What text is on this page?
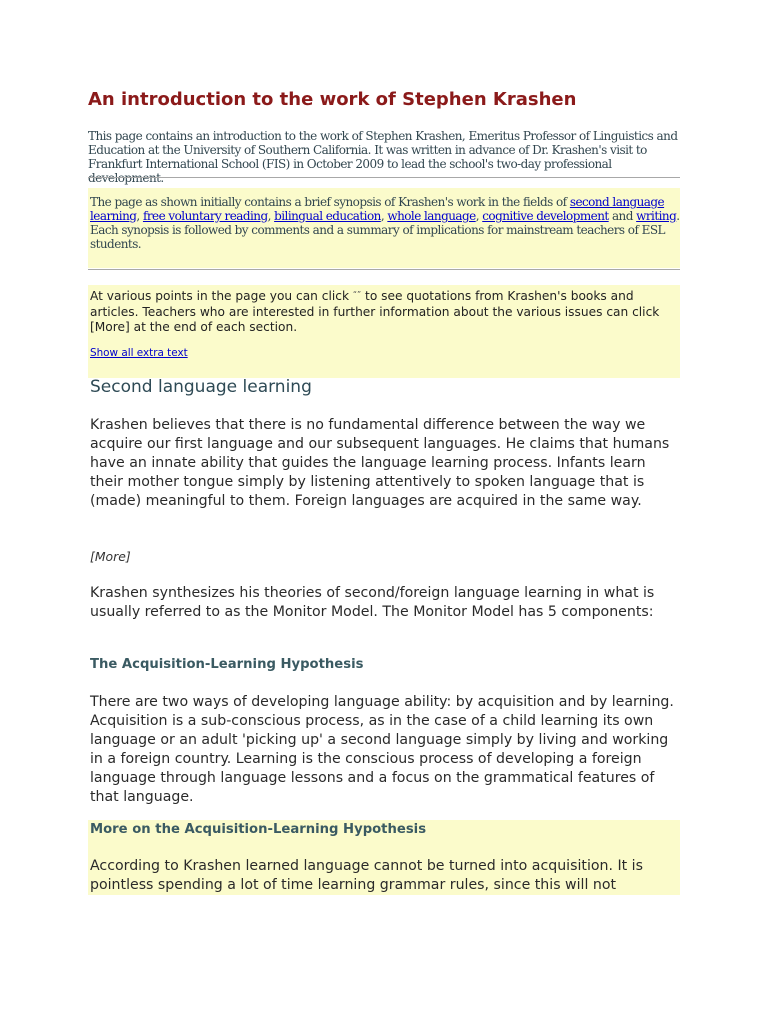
An introduction to the work of Stephen Krashen

This page contains an introduction to the work of Stephen Krashen, Emeritus Professor of Linguistics and Education at the University of Southern California. It was written in advance of Dr. Krashen's visit to Frankfurt International School (FIS) in October 2009 to lead the school's two-day professional development.

The page as shown initially contains a brief synopsis of Krashen's work in the fields of second language learning, free voluntary reading, bilingual education, whole language, cognitive development and writing. Each synopsis is followed by comments and a summary of implications for mainstream teachers of ESL students.

At various points in the page you can click “” to see quotations from Krashen's books and articles. Teachers who are interested in further information about the various issues can click [More] at the end of each section.

Show all extra text
Second language learning

Krashen believes that there is no fundamental difference between the way we acquire our first language and our subsequent languages. He claims that humans have an innate ability that guides the language learning process. Infants learn their mother tongue simply by listening attentively to spoken language that is (made) meaningful to them. Foreign languages are acquired in the same way.

[More]

Krashen synthesizes his theories of second/foreign language learning in what is usually referred to as the Monitor Model. The Monitor Model has 5 components:

The Acquisition-Learning Hypothesis

There are two ways of developing language ability: by acquisition and by learning. Acquisition is a sub-conscious process, as in the case of a child learning its own language or an adult 'picking up' a second language simply by living and working in a foreign country. Learning is the conscious process of developing a foreign language through language lessons and a focus on the grammatical features of that language.

More on the Acquisition-Learning Hypothesis

According to Krashen learned language cannot be turned into acquisition. It is pointless spending a lot of time learning grammar rules, since this will not
